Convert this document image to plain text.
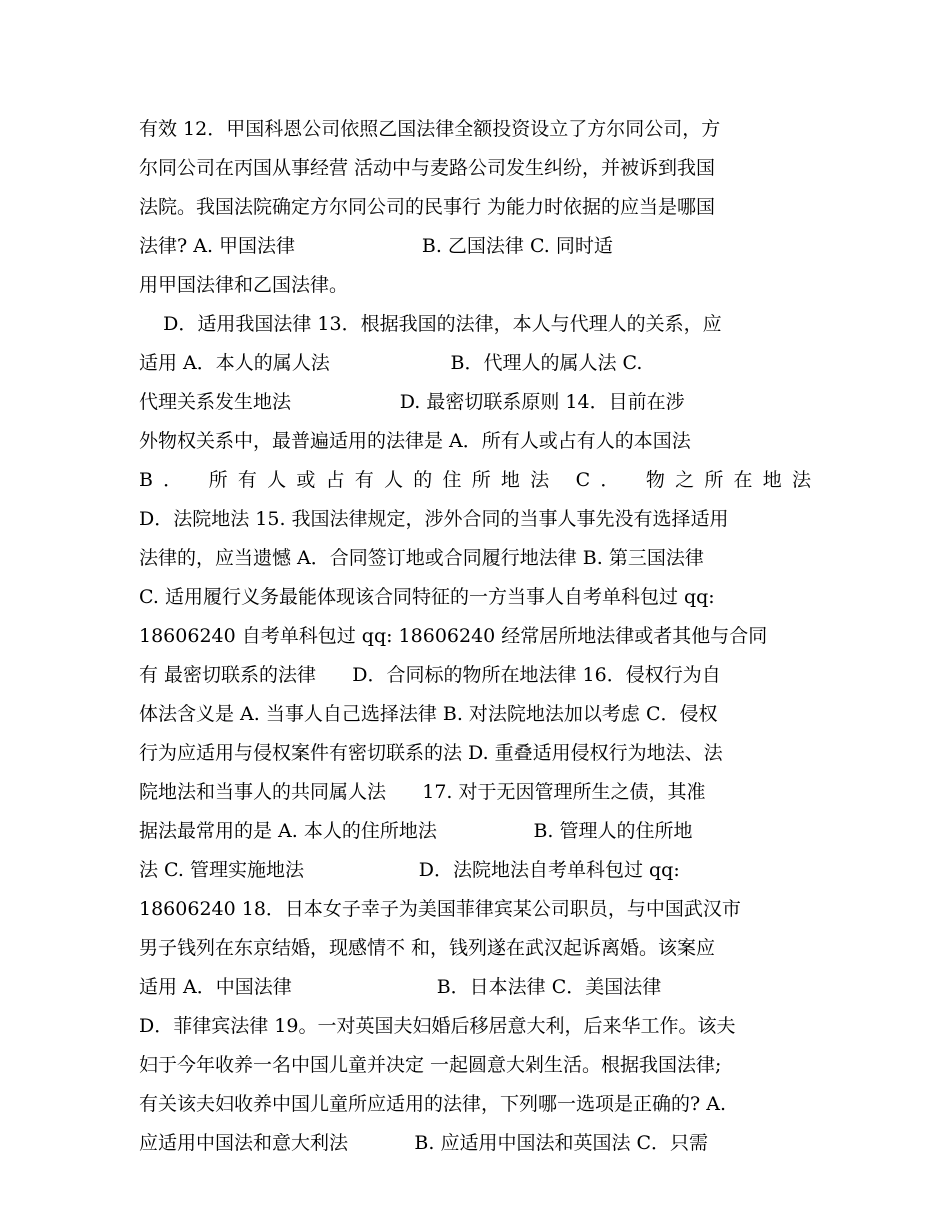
有效 12．甲国科恩公司依照乙国法律全额投资设立了方尔同公司，方
尔同公司在丙国从事经营 活动中与麦路公司发生纠纷，并被诉到我国
法院。我国法院确定方尔同公司的民事行 为能力时依据的应当是哪国
法律? A. 甲国法律                     B. 乙国法律 C. 同时适
用甲国法律和乙国法律。
D．适用我国法律 13．根据我国的法律，本人与代理人的关系，应
适用 A．本人的属人法                    B．代理人的属人法 C.
代理关系发生地法                  D. 最密切联系原则 14．目前在涉
外物权关系中，最普遍适用的法律是 A．所有人或占有人的本国法
B． 所有人或占有人的住所地法 C． 物之所在地法
D．法院地法 15. 我国法律规定，涉外合同的当事人事先没有选择适用
法律的，应当遗憾 A．合同签订地或合同履行地法律 B. 第三国法律
C. 适用履行义务最能体现该合同特征的一方当事人自考单科包过 qq:
18606240 自考单科包过 qq: 18606240 经常居所地法律或者其他与合同
有 最密切联系的法律      D．合同标的物所在地法律 16．侵权行为自
体法含义是 A. 当事人自己选择法律 B. 对法院地法加以考虑 C．侵权
行为应适用与侵权案件有密切联系的法 D. 重叠适用侵权行为地法、法
院地法和当事人的共同属人法      17. 对于无因管理所生之债，其准
据法最常用的是 A. 本人的住所地法                B. 管理人的住所地
法 C. 管理实施地法                   D．法院地法自考单科包过 qq:
18606240 18．日本女子幸子为美国菲律宾某公司职员，与中国武汉市
男子钱列在东京结婚，现感情不 和，钱列遂在武汉起诉离婚。该案应
适用 A．中国法律                        B．日本法律 C．美国法律
D．菲律宾法律 19。一对英国夫妇婚后移居意大利，后来华工作。该夫
妇于今年收养一名中国儿童并决定 一起圆意大剁生活。根据我国法律;
有关该夫妇收养中国儿童所应适用的法律，下列哪一选项是正确的? A.
应适用中国法和意大利法           B. 应适用中国法和英国法 C．只需
